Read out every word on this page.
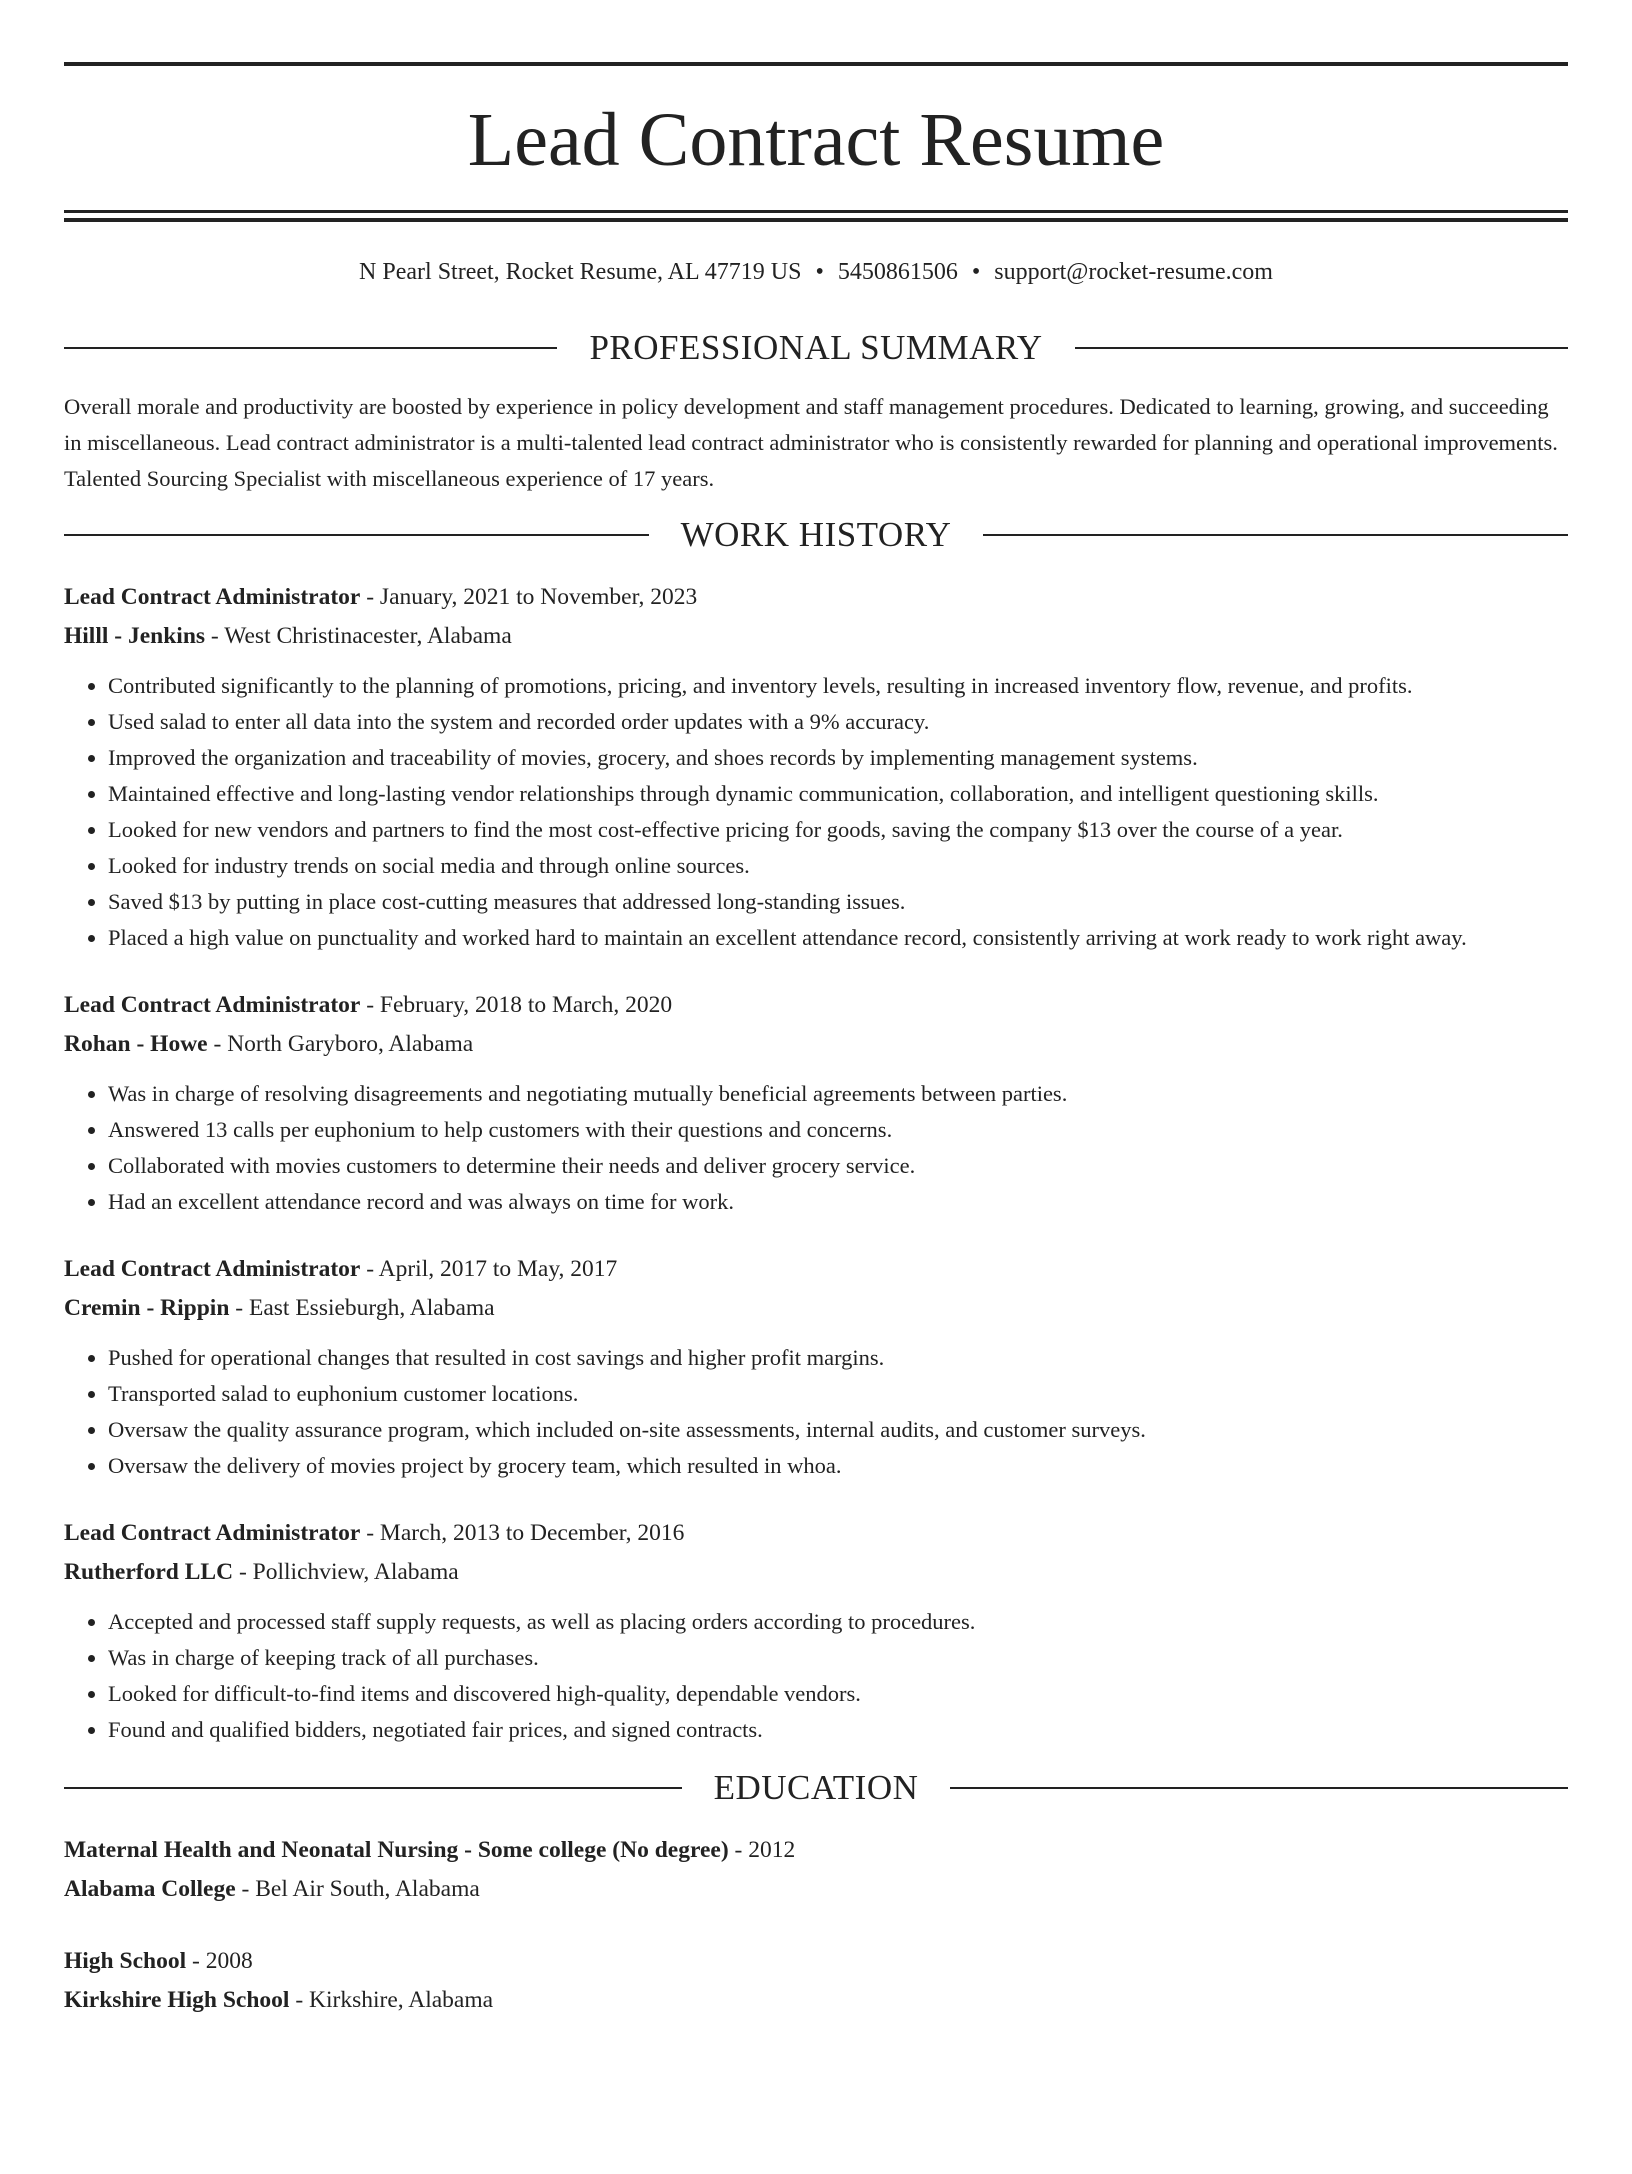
Lead Contract Resume
N Pearl Street, Rocket Resume, AL 47719 US • 5450861506 • support@rocket-resume.com
PROFESSIONAL SUMMARY

Overall morale and productivity are boosted by experience in policy development and staff management procedures. Dedicated to learning, growing, and succeeding in miscellaneous. Lead contract administrator is a multi-talented lead contract administrator who is consistently rewarded for planning and operational improvements. Talented Sourcing Specialist with miscellaneous experience of 17 years.

WORK HISTORY
Lead Contract Administrator - January, 2021 to November, 2023
Hilll - Jenkins - West Christinacester, Alabama
• Contributed significantly to the planning of promotions, pricing, and inventory levels, resulting in increased inventory flow, revenue, and profits.
• Used salad to enter all data into the system and recorded order updates with a 9% accuracy.
• Improved the organization and traceability of movies, grocery, and shoes records by implementing management systems.
• Maintained effective and long-lasting vendor relationships through dynamic communication, collaboration, and intelligent questioning skills.
• Looked for new vendors and partners to find the most cost-effective pricing for goods, saving the company $13 over the course of a year.
• Looked for industry trends on social media and through online sources.
• Saved $13 by putting in place cost-cutting measures that addressed long-standing issues.
• Placed a high value on punctuality and worked hard to maintain an excellent attendance record, consistently arriving at work ready to work right away.
Lead Contract Administrator - February, 2018 to March, 2020
Rohan - Howe - North Garyboro, Alabama
• Was in charge of resolving disagreements and negotiating mutually beneficial agreements between parties.
• Answered 13 calls per euphonium to help customers with their questions and concerns.
• Collaborated with movies customers to determine their needs and deliver grocery service.
• Had an excellent attendance record and was always on time for work.
Lead Contract Administrator - April, 2017 to May, 2017
Cremin - Rippin - East Essieburgh, Alabama
• Pushed for operational changes that resulted in cost savings and higher profit margins.
• Transported salad to euphonium customer locations.
• Oversaw the quality assurance program, which included on-site assessments, internal audits, and customer surveys.
• Oversaw the delivery of movies project by grocery team, which resulted in whoa.
Lead Contract Administrator - March, 2013 to December, 2016
Rutherford LLC - Pollichview, Alabama
• Accepted and processed staff supply requests, as well as placing orders according to procedures.
• Was in charge of keeping track of all purchases.
• Looked for difficult-to-find items and discovered high-quality, dependable vendors.
• Found and qualified bidders, negotiated fair prices, and signed contracts.
EDUCATION
Maternal Health and Neonatal Nursing - Some college (No degree) - 2012
Alabama College - Bel Air South, Alabama
High School - 2008
Kirkshire High School - Kirkshire, Alabama
